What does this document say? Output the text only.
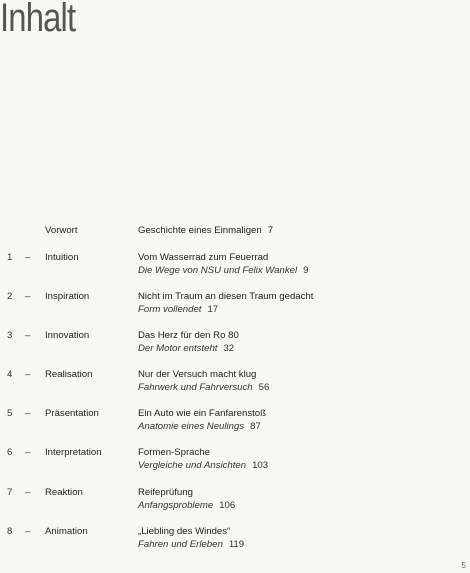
Inhalt
Vorwort	Geschichte eines Einmaligen 7
1 – Intuition	Vom Wasserrad zum Feuerrad
Die Wege von NSU und Felix Wankel 9
2 – Inspiration	Nicht im Traum an diesen Traum gedacht
Form vollendet 17
3 – Innovation	Das Herz für den Ro 80
Der Motor entsteht 32
4 – Realisation	Nur der Versuch macht klug
Fahrwerk und Fahrversuch 56
5 – Präsentation	Ein Auto wie ein Fanfarenstoß
Anatomie eines Neulings 87
6 – Interpretation	Formen-Sprache
Vergleiche und Ansichten 103
7 – Reaktion	Reifeprüfung
Anfangsprobleme 106
8 – Animation	„Liebling des Windes“
Fahren und Erleben 119
5
